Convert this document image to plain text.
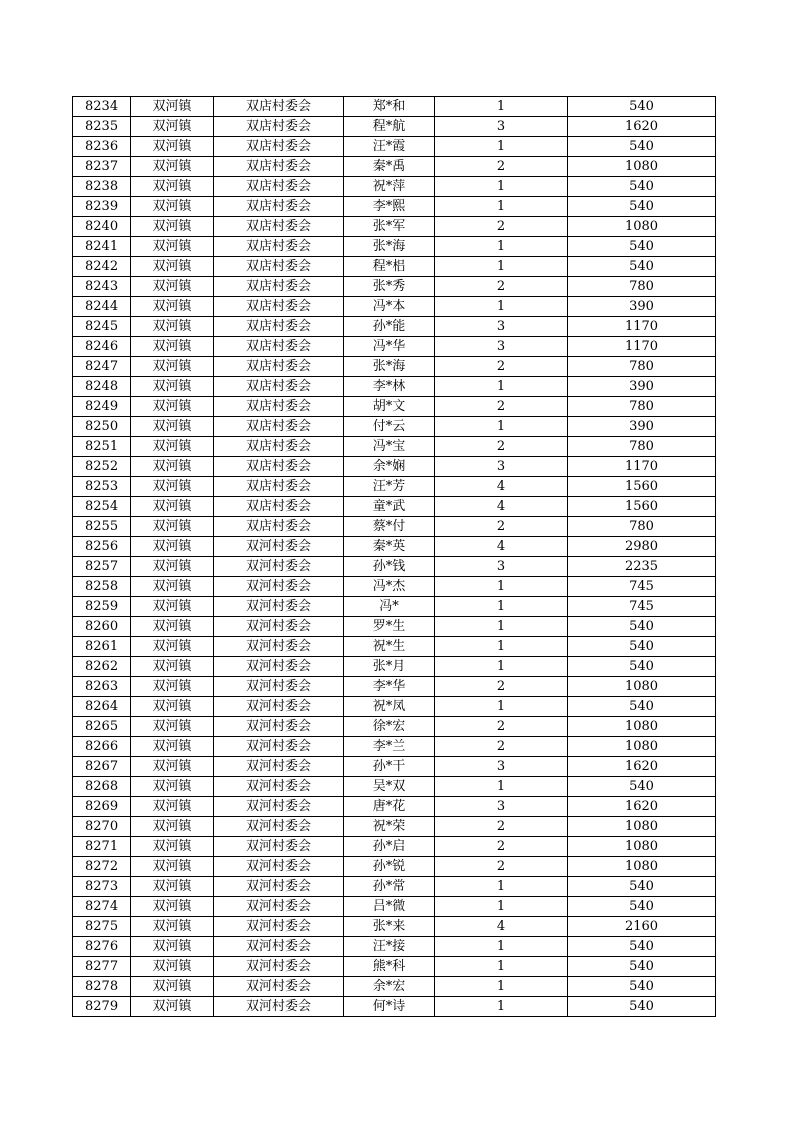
8234	双河镇	双店村委会	郑*和	1	540
8235	双河镇	双店村委会	程*航	3	1620
8236	双河镇	双店村委会	汪*霞	1	540
8237	双河镇	双店村委会	秦*禹	2	1080
8238	双河镇	双店村委会	祝*萍	1	540
8239	双河镇	双店村委会	李*熙	1	540
8240	双河镇	双店村委会	张*军	2	1080
8241	双河镇	双店村委会	张*海	1	540
8242	双河镇	双店村委会	程*梠	1	540
8243	双河镇	双店村委会	张*秀	2	780
8244	双河镇	双店村委会	冯*本	1	390
8245	双河镇	双店村委会	孙*能	3	1170
8246	双河镇	双店村委会	冯*华	3	1170
8247	双河镇	双店村委会	张*海	2	780
8248	双河镇	双店村委会	李*林	1	390
8249	双河镇	双店村委会	胡*文	2	780
8250	双河镇	双店村委会	付*云	1	390
8251	双河镇	双店村委会	冯*宝	2	780
8252	双河镇	双店村委会	余*娴	3	1170
8253	双河镇	双店村委会	汪*芳	4	1560
8254	双河镇	双店村委会	童*武	4	1560
8255	双河镇	双店村委会	蔡*付	2	780
8256	双河镇	双河村委会	秦*英	4	2980
8257	双河镇	双河村委会	孙*钱	3	2235
8258	双河镇	双河村委会	冯*杰	1	745
8259	双河镇	双河村委会	冯*	1	745
8260	双河镇	双河村委会	罗*生	1	540
8261	双河镇	双河村委会	祝*生	1	540
8262	双河镇	双河村委会	张*月	1	540
8263	双河镇	双河村委会	李*华	2	1080
8264	双河镇	双河村委会	祝*凤	1	540
8265	双河镇	双河村委会	徐*宏	2	1080
8266	双河镇	双河村委会	李*兰	2	1080
8267	双河镇	双河村委会	孙*干	3	1620
8268	双河镇	双河村委会	吴*双	1	540
8269	双河镇	双河村委会	唐*花	3	1620
8270	双河镇	双河村委会	祝*荣	2	1080
8271	双河镇	双河村委会	孙*启	2	1080
8272	双河镇	双河村委会	孙*锐	2	1080
8273	双河镇	双河村委会	孙*常	1	540
8274	双河镇	双河村委会	吕*微	1	540
8275	双河镇	双河村委会	张*来	4	2160
8276	双河镇	双河村委会	汪*接	1	540
8277	双河镇	双河村委会	熊*科	1	540
8278	双河镇	双河村委会	余*宏	1	540
8279	双河镇	双河村委会	何*诗	1	540
